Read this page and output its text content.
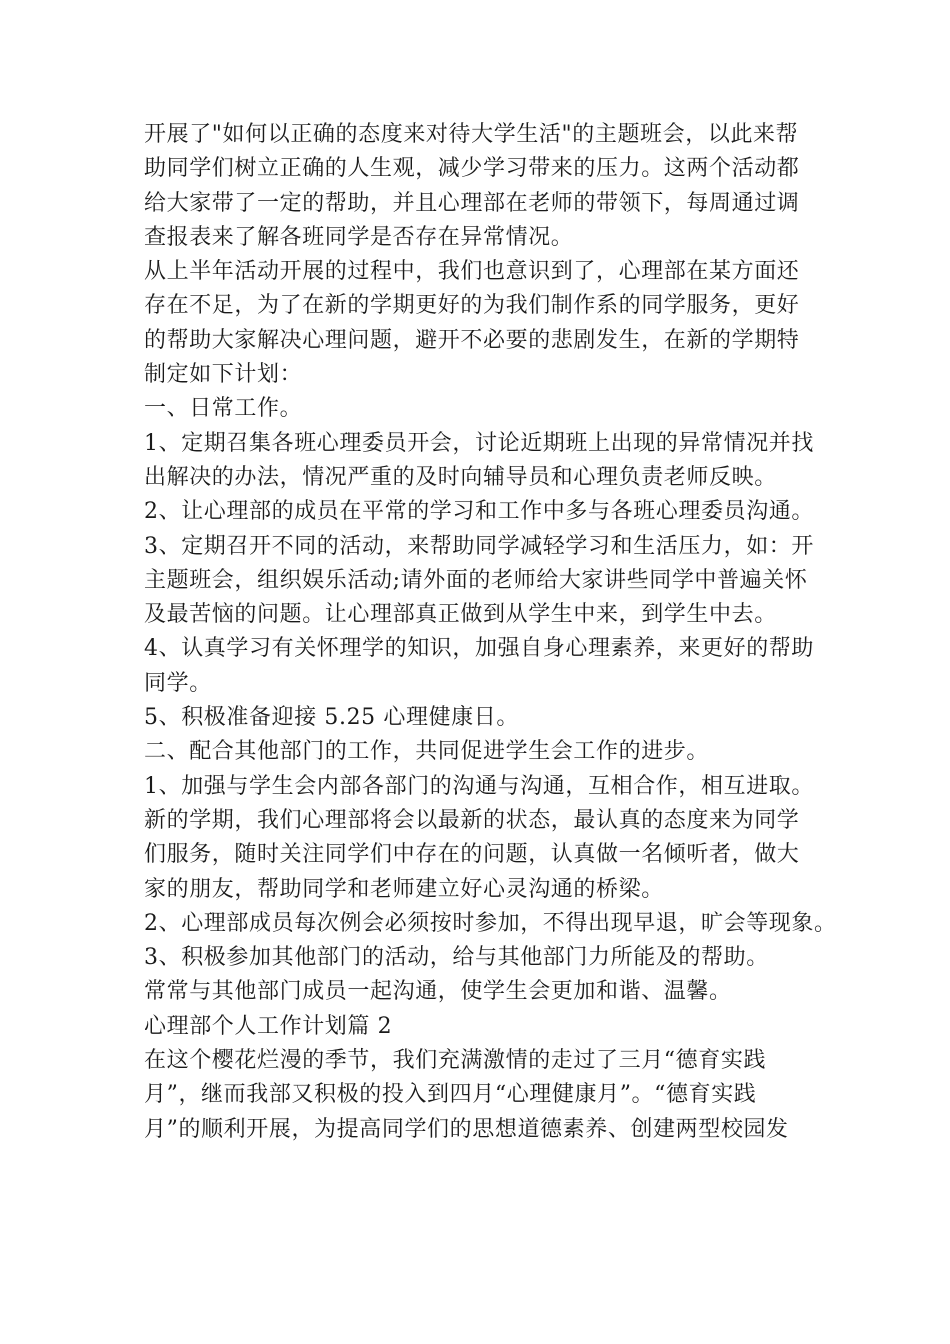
开展了"如何以正确的态度来对待大学生活"的主题班会，以此来帮
助同学们树立正确的人生观，减少学习带来的压力。这两个活动都
给大家带了一定的帮助，并且心理部在老师的带领下，每周通过调
查报表来了解各班同学是否存在异常情况。
从上半年活动开展的过程中，我们也意识到了，心理部在某方面还
存在不足，为了在新的学期更好的为我们制作系的同学服务，更好
的帮助大家解决心理问题，避开不必要的悲剧发生，在新的学期特
制定如下计划：
一、日常工作。
1、定期召集各班心理委员开会，讨论近期班上出现的异常情况并找
出解决的办法，情况严重的及时向辅导员和心理负责老师反映。
2、让心理部的成员在平常的学习和工作中多与各班心理委员沟通。
3、定期召开不同的活动，来帮助同学减轻学习和生活压力，如：开
主题班会，组织娱乐活动;请外面的老师给大家讲些同学中普遍关怀
及最苦恼的问题。让心理部真正做到从学生中来，到学生中去。
4、认真学习有关怀理学的知识，加强自身心理素养，来更好的帮助
同学。
5、积极准备迎接 5.25 心理健康日。
二、配合其他部门的工作，共同促进学生会工作的进步。
1、加强与学生会内部各部门的沟通与沟通，互相合作，相互进取。
新的学期，我们心理部将会以最新的状态，最认真的态度来为同学
们服务，随时关注同学们中存在的问题，认真做一名倾听者，做大
家的朋友，帮助同学和老师建立好心灵沟通的桥梁。
2、心理部成员每次例会必须按时参加，不得出现早退，旷会等现象。
3、积极参加其他部门的活动，给与其他部门力所能及的帮助。
常常与其他部门成员一起沟通，使学生会更加和谐、温馨。
心理部个人工作计划篇 2
在这个樱花烂漫的季节，我们充满激情的走过了三月“德育实践
月”，继而我部又积极的投入到四月“心理健康月”。“德育实践
月”的顺利开展，为提高同学们的思想道德素养、创建两型校园发
